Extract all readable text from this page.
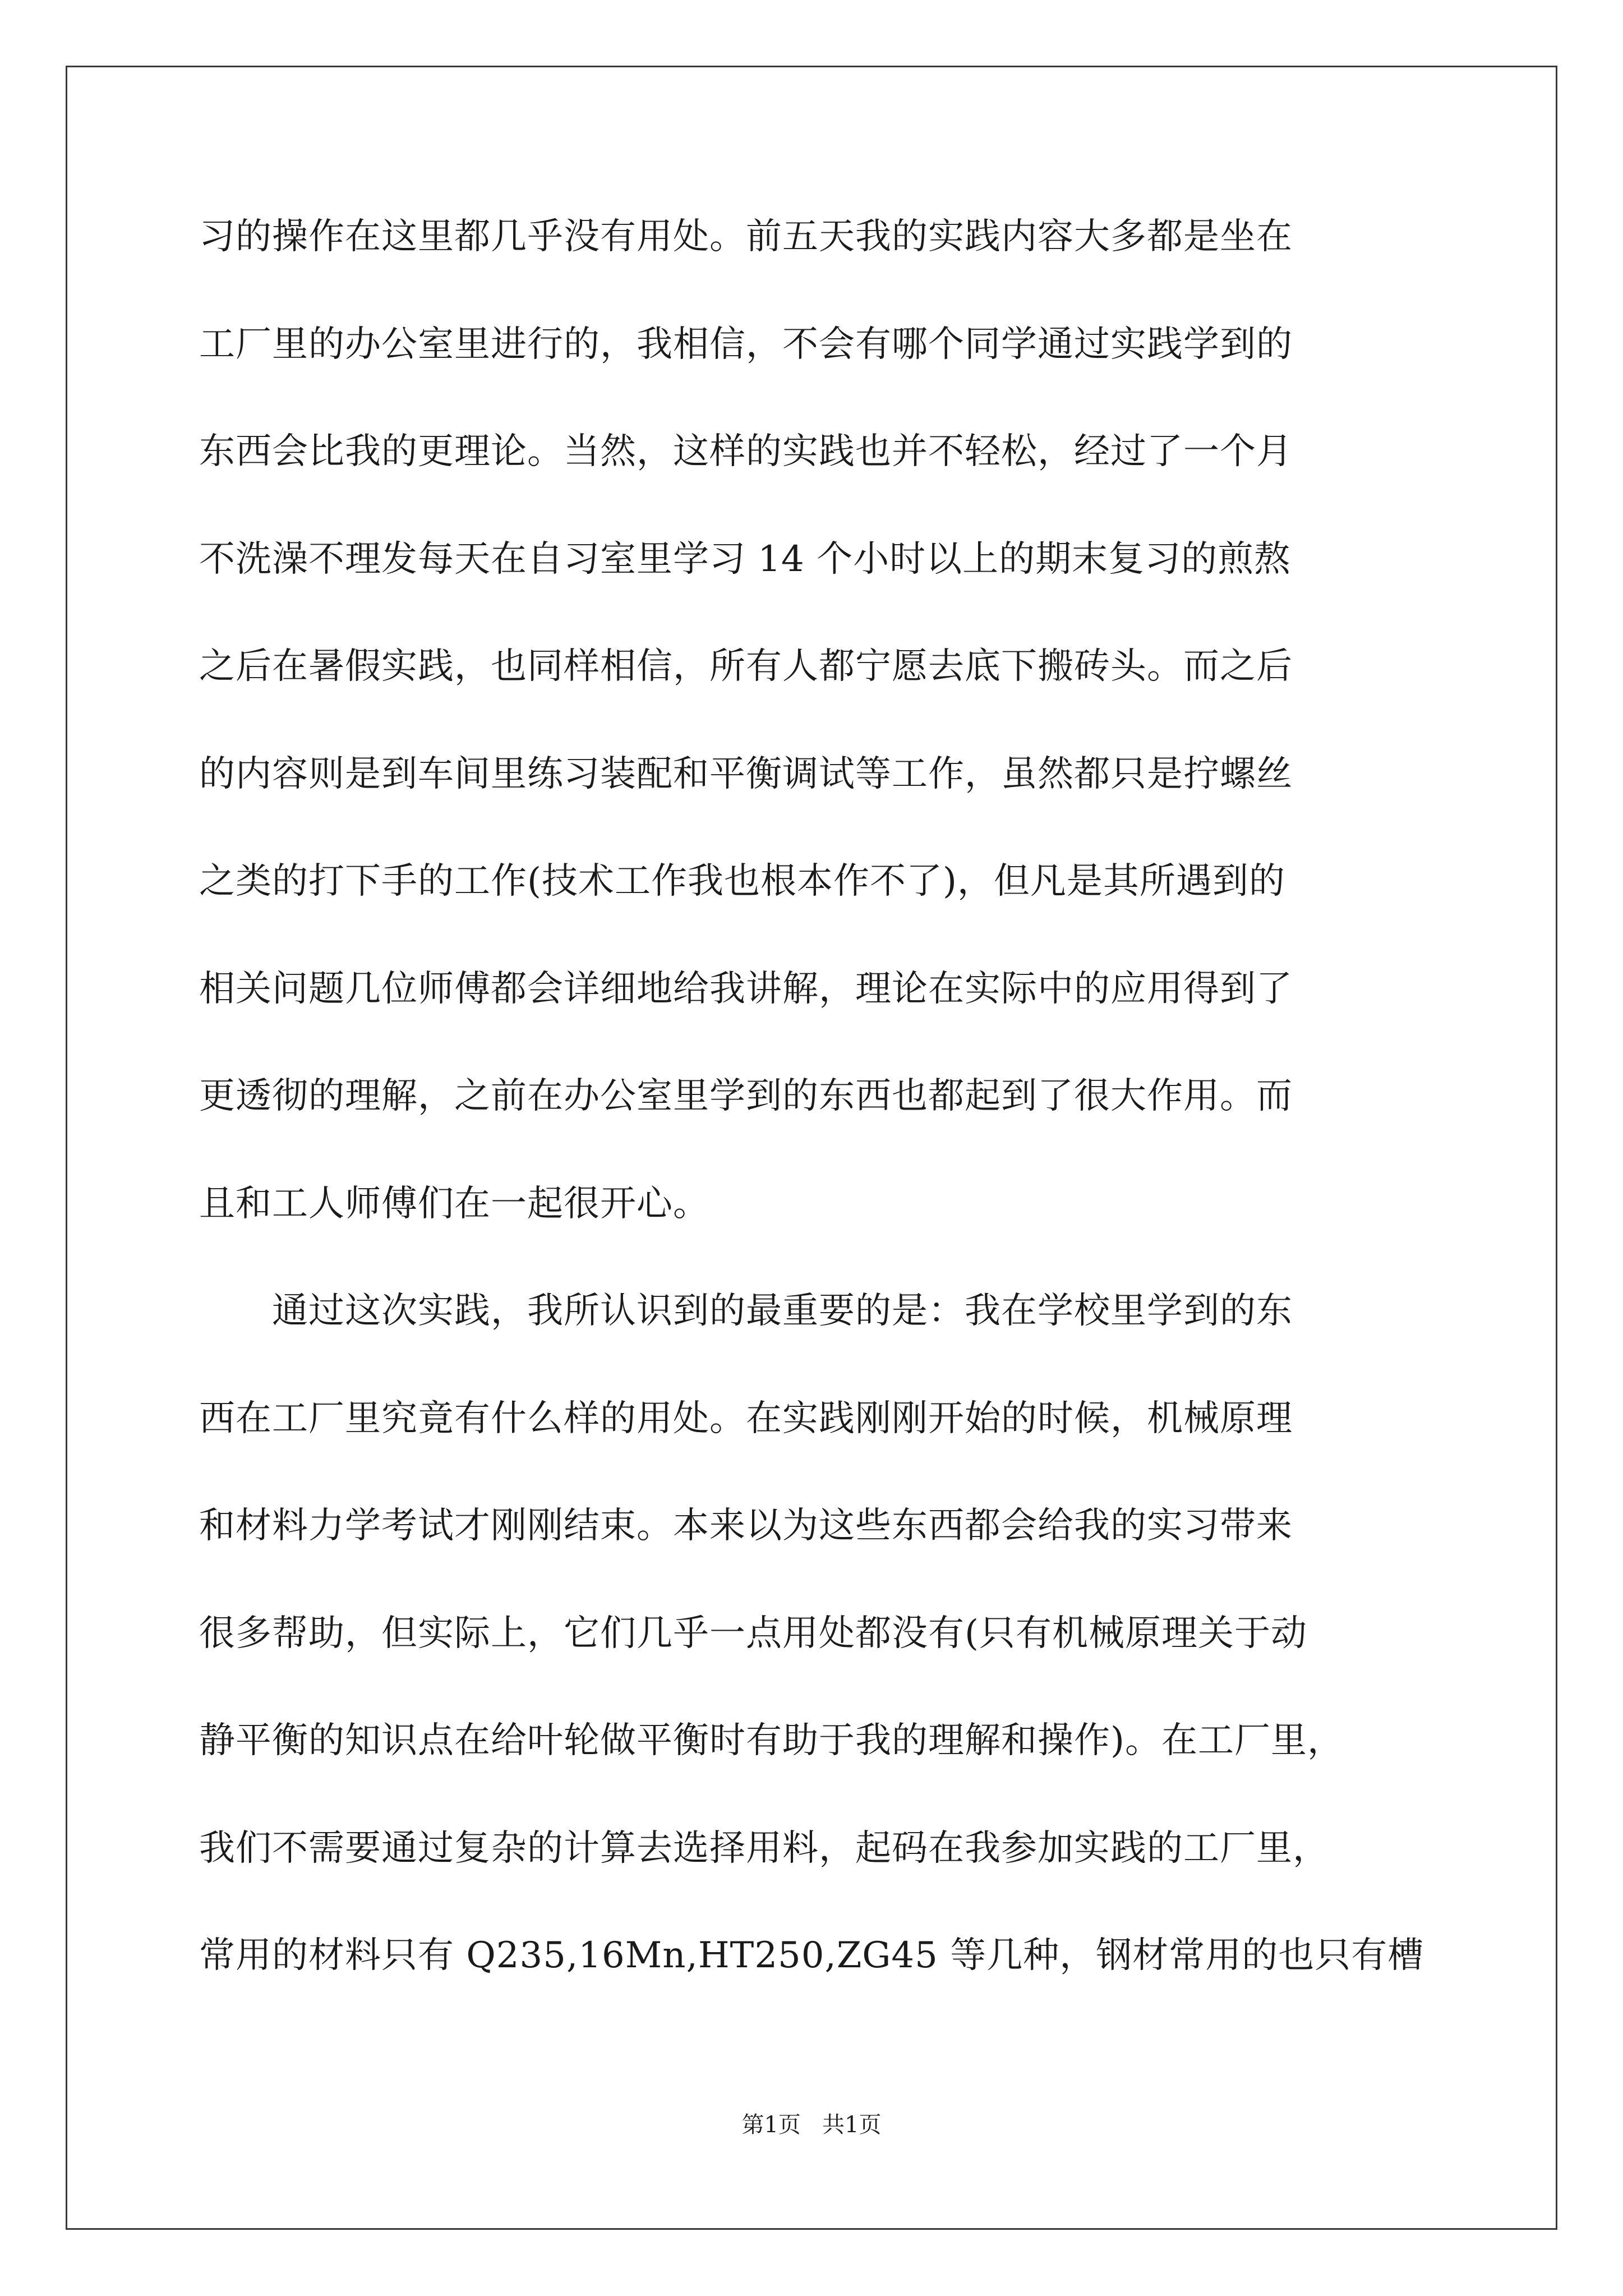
习的操作在这里都几乎没有用处。前五天我的实践内容大多都是坐在
工厂里的办公室里进行的，我相信，不会有哪个同学通过实践学到的
东西会比我的更理论。当然，这样的实践也并不轻松，经过了一个月
不洗澡不理发每天在自习室里学习 14 个小时以上的期末复习的煎熬
之后在暑假实践，也同样相信，所有人都宁愿去底下搬砖头。而之后
的内容则是到车间里练习装配和平衡调试等工作，虽然都只是拧螺丝
之类的打下手的工作(技术工作我也根本作不了)，但凡是其所遇到的
相关问题几位师傅都会详细地给我讲解，理论在实际中的应用得到了
更透彻的理解，之前在办公室里学到的东西也都起到了很大作用。而
且和工人师傅们在一起很开心。
通过这次实践，我所认识到的最重要的是：我在学校里学到的东
西在工厂里究竟有什么样的用处。在实践刚刚开始的时候，机械原理
和材料力学考试才刚刚结束。本来以为这些东西都会给我的实习带来
很多帮助，但实际上，它们几乎一点用处都没有(只有机械原理关于动
静平衡的知识点在给叶轮做平衡时有助于我的理解和操作)。在工厂里，
我们不需要通过复杂的计算去选择用料，起码在我参加实践的工厂里，
常用的材料只有 Q235,16Mn,HT250,ZG45 等几种，钢材常用的也只有槽
第1页   共1页
